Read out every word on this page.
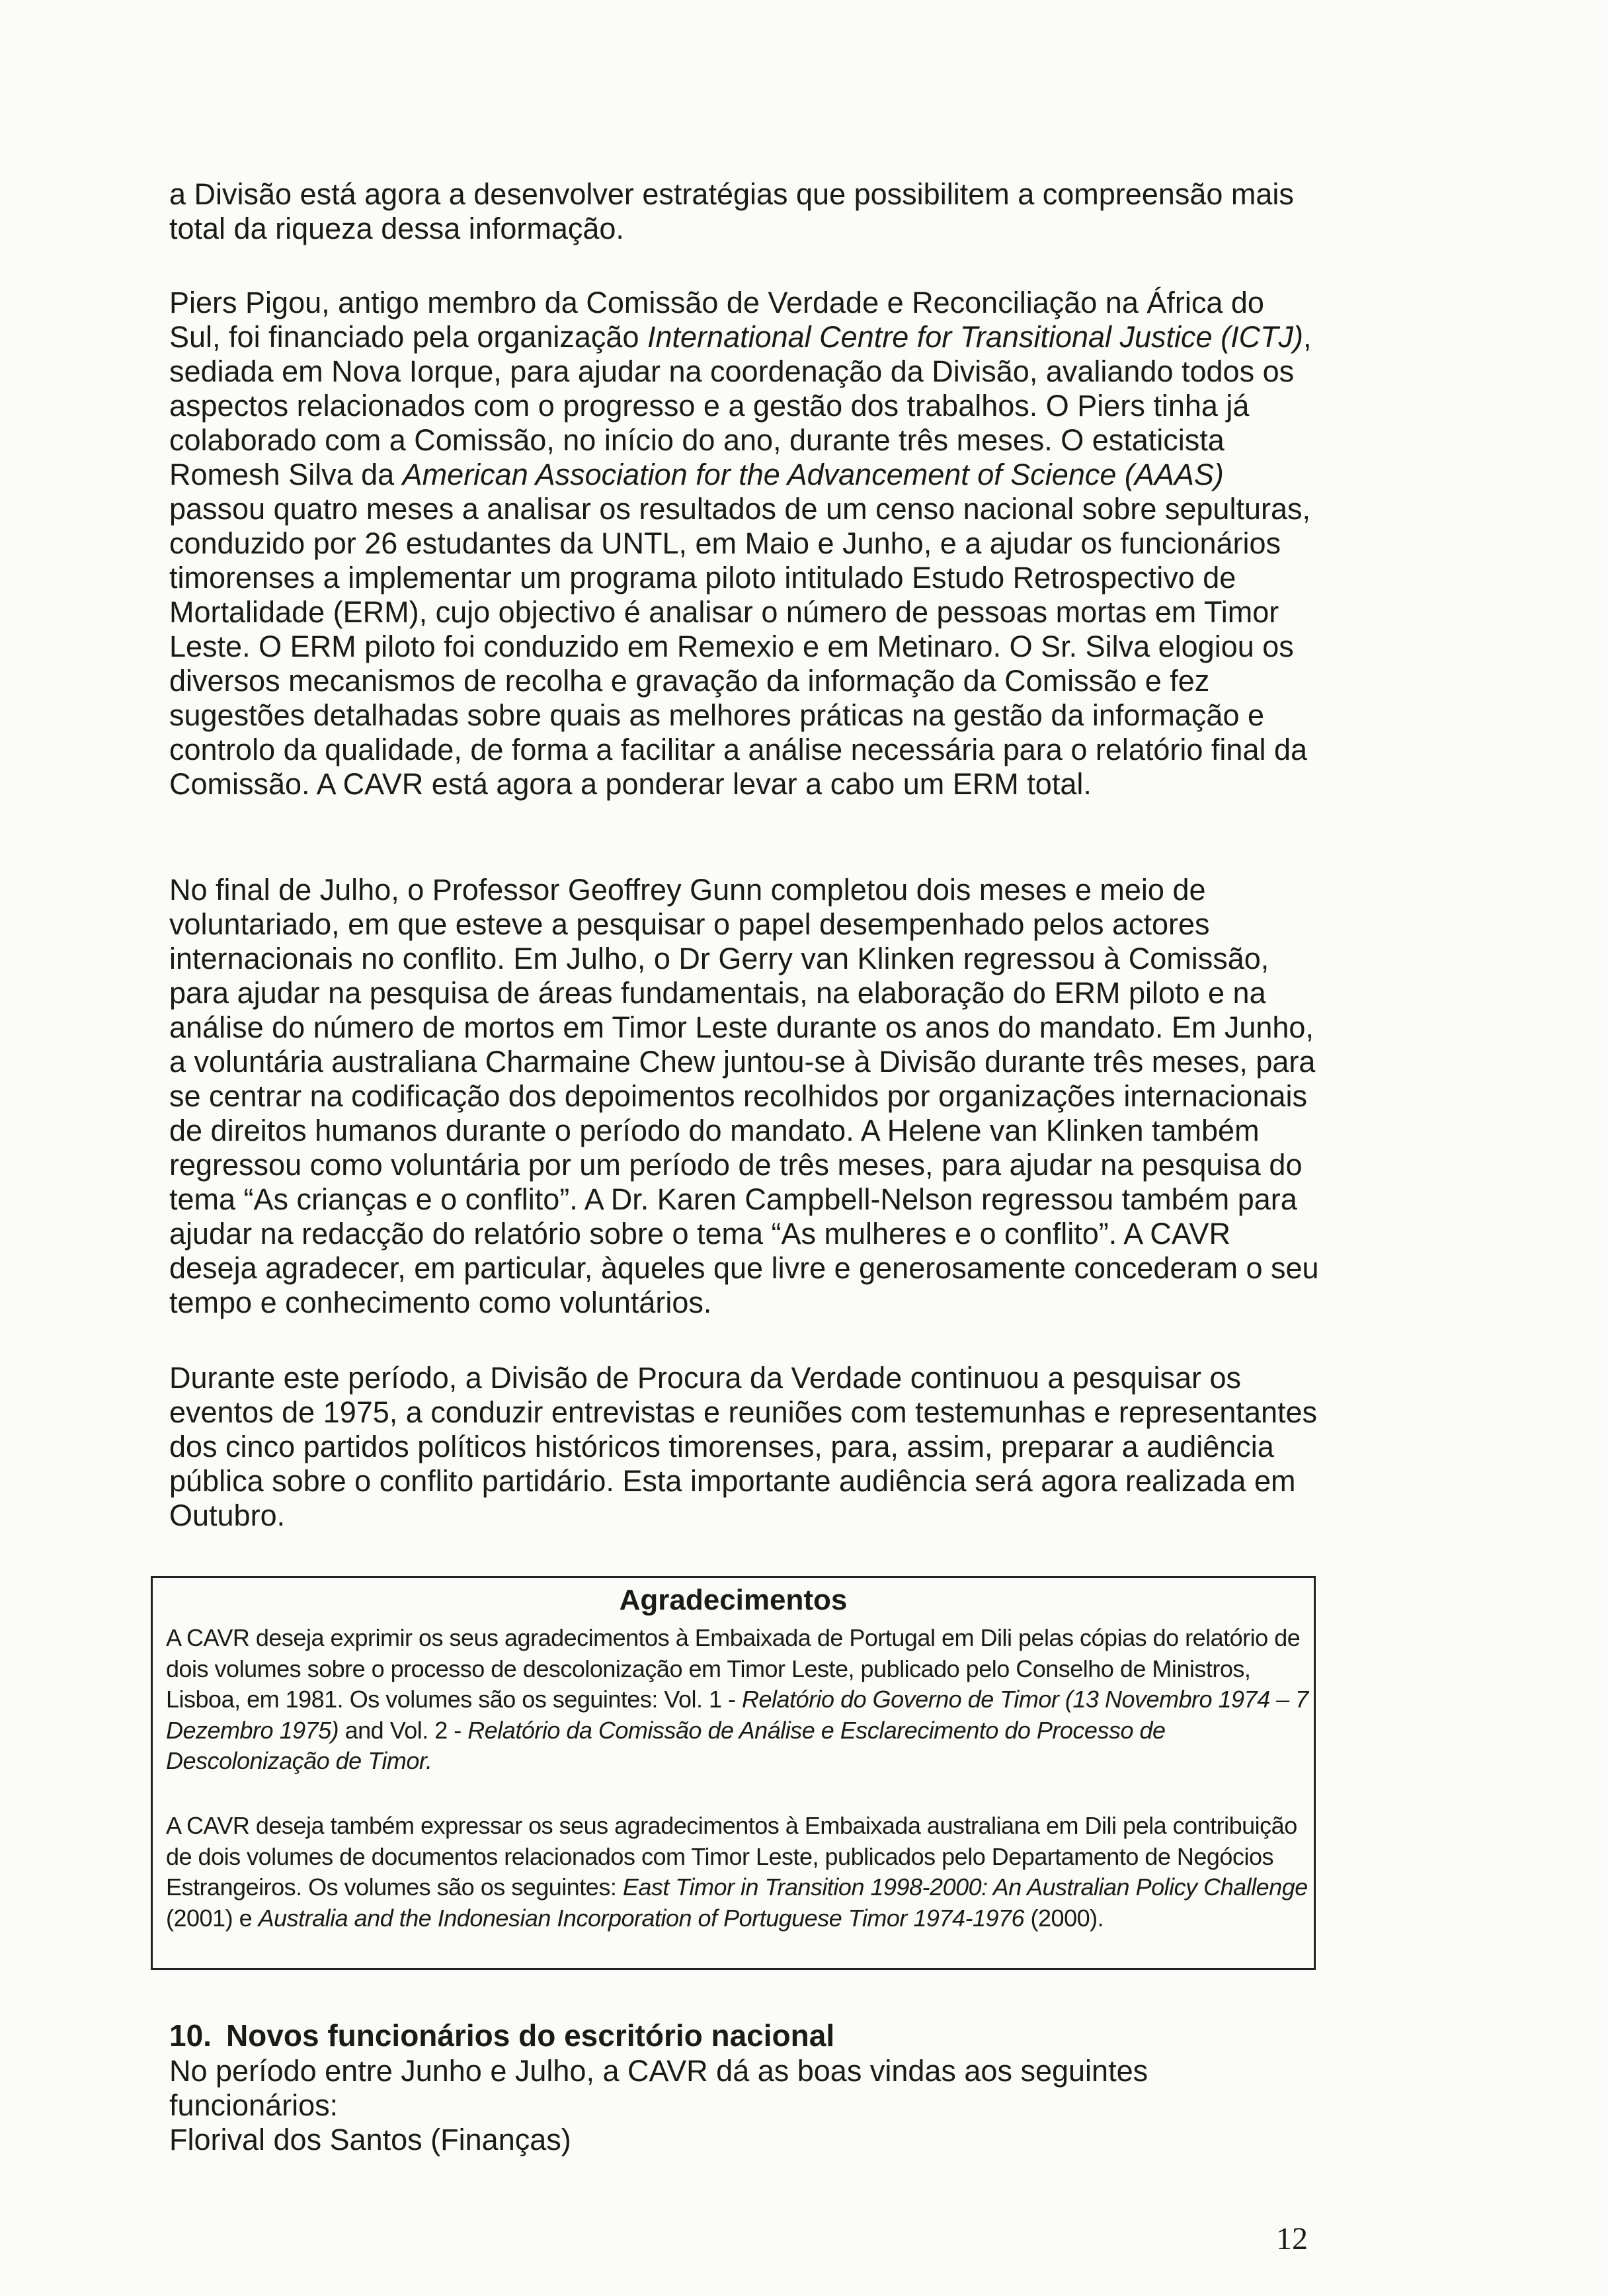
a Divisão está agora a desenvolver estratégias que possibilitem a compreensão mais total da riqueza dessa informação.

Piers Pigou, antigo membro da Comissão de Verdade e Reconciliação na África do Sul, foi financiado pela organização International Centre for Transitional Justice (ICTJ), sediada em Nova Iorque, para ajudar na coordenação da Divisão, avaliando todos os aspectos relacionados com o progresso e a gestão dos trabalhos. O Piers tinha já colaborado com a Comissão, no início do ano, durante três meses. O estaticista Romesh Silva da American Association for the Advancement of Science (AAAS) passou quatro meses a analisar os resultados de um censo nacional sobre sepulturas, conduzido por 26 estudantes da UNTL, em Maio e Junho, e a ajudar os funcionários timorenses a implementar um programa piloto intitulado Estudo Retrospectivo de Mortalidade (ERM), cujo objectivo é analisar o número de pessoas mortas em Timor Leste. O ERM piloto foi conduzido em Remexio e em Metinaro. O Sr. Silva elogiou os diversos mecanismos de recolha e gravação da informação da Comissão e fez sugestões detalhadas sobre quais as melhores práticas na gestão da informação e controlo da qualidade, de forma a facilitar a análise necessária para o relatório final da Comissão. A CAVR está agora a ponderar levar a cabo um ERM total.

No final de Julho, o Professor Geoffrey Gunn completou dois meses e meio de voluntariado, em que esteve a pesquisar o papel desempenhado pelos actores internacionais no conflito. Em Julho, o Dr Gerry van Klinken regressou à Comissão, para ajudar na pesquisa de áreas fundamentais, na elaboração do ERM piloto e na análise do número de mortos em Timor Leste durante os anos do mandato. Em Junho, a voluntária australiana Charmaine Chew juntou-se à Divisão durante três meses, para se centrar na codificação dos depoimentos recolhidos por organizações internacionais de direitos humanos durante o período do mandato. A Helene van Klinken também regressou como voluntária por um período de três meses, para ajudar na pesquisa do tema “As crianças e o conflito”. A Dr. Karen Campbell-Nelson regressou também para ajudar na redacção do relatório sobre o tema “As mulheres e o conflito”. A CAVR deseja agradecer, em particular, àqueles que livre e generosamente concederam o seu tempo e conhecimento como voluntários.

Durante este período, a Divisão de Procura da Verdade continuou a pesquisar os eventos de 1975, a conduzir entrevistas e reuniões com testemunhas e representantes dos cinco partidos políticos históricos timorenses, para, assim, preparar a audiência pública sobre o conflito partidário. Esta importante audiência será agora realizada em Outubro.

Agradecimentos

A CAVR deseja exprimir os seus agradecimentos à Embaixada de Portugal em Dili pelas cópias do relatório de dois volumes sobre o processo de descolonização em Timor Leste, publicado pelo Conselho de Ministros, Lisboa, em 1981. Os volumes são os seguintes: Vol. 1 - Relatório do Governo de Timor (13 Novembro 1974 – 7 Dezembro 1975) and Vol. 2 - Relatório da Comissão de Análise e Esclarecimento do Processo de Descolonização de Timor.

A CAVR deseja também expressar os seus agradecimentos à Embaixada australiana em Dili pela contribuição de dois volumes de documentos relacionados com Timor Leste, publicados pelo Departamento de Negócios Estrangeiros. Os volumes são os seguintes: East Timor in Transition 1998-2000: An Australian Policy Challenge (2001) e Australia and the Indonesian Incorporation of Portuguese Timor 1974-1976 (2000).

10. Novos funcionários do escritório nacional

No período entre Junho e Julho, a CAVR dá as boas vindas aos seguintes funcionários:
Florival dos Santos (Finanças)

12
